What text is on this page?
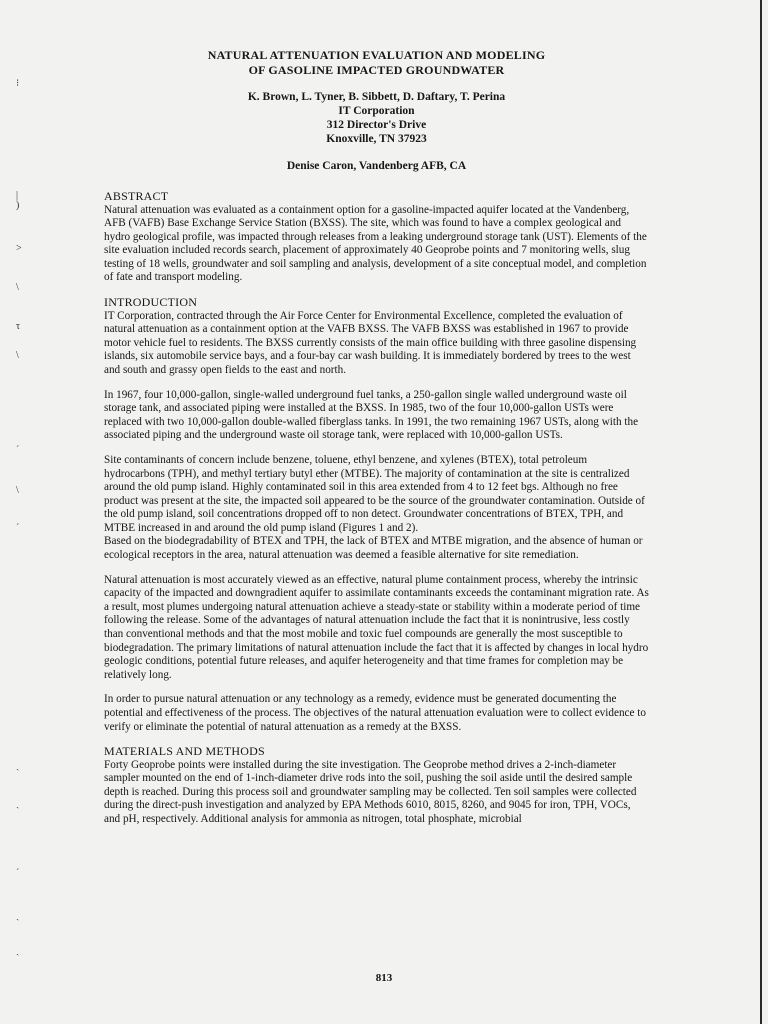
⁝
|
)
>
\
τ
\
ˊ
\
ˊ
ˎ
ˎ
ˊ
ˎ
ˎ
NATURAL ATTENUATION EVALUATION AND MODELING
OF GASOLINE IMPACTED GROUNDWATER
K. Brown, L. Tyner, B. Sibbett, D. Daftary, T. Perina
IT Corporation
312 Director's Drive
Knoxville, TN 37923
Denise Caron, Vandenberg AFB, CA
ABSTRACT

Natural attenuation was evaluated as a containment option for a gasoline-impacted aquifer located at the Vandenberg, AFB (VAFB) Base Exchange Service Station (BXSS). The site, which was found to have a complex geological and hydro geological profile, was impacted through releases from a leaking underground storage tank (UST). Elements of the site evaluation included records search, placement of approximately 40 Geoprobe points and 7 monitoring wells, slug testing of 18 wells, groundwater and soil sampling and analysis, development of a site conceptual model, and completion of fate and transport modeling.

INTRODUCTION

IT Corporation, contracted through the Air Force Center for Environmental Excellence, completed the evaluation of natural attenuation as a containment option at the VAFB BXSS. The VAFB BXSS was established in 1967 to provide motor vehicle fuel to residents. The BXSS currently consists of the main office building with three gasoline dispensing islands, six automobile service bays, and a four-bay car wash building. It is immediately bordered by trees to the west and south and grassy open fields to the east and north.

In 1967, four 10,000-gallon, single-walled underground fuel tanks, a 250-gallon single walled underground waste oil storage tank, and associated piping were installed at the BXSS. In 1985, two of the four 10,000-gallon USTs were replaced with two 10,000-gallon double-walled fiberglass tanks. In 1991, the two remaining 1967 USTs, along with the associated piping and the underground waste oil storage tank, were replaced with 10,000-gallon USTs.

Site contaminants of concern include benzene, toluene, ethyl benzene, and xylenes (BTEX), total petroleum hydrocarbons (TPH), and methyl tertiary butyl ether (MTBE). The majority of contamination at the site is centralized around the old pump island. Highly contaminated soil in this area extended from 4 to 12 feet bgs. Although no free product was present at the site, the impacted soil appeared to be the source of the groundwater contamination. Outside of the old pump island, soil concentrations dropped off to non detect. Groundwater concentrations of BTEX, TPH, and MTBE increased in and around the old pump island (Figures 1 and 2).

Based on the biodegradability of BTEX and TPH, the lack of BTEX and MTBE migration, and the absence of human or ecological receptors in the area, natural attenuation was deemed a feasible alternative for site remediation.

Natural attenuation is most accurately viewed as an effective, natural plume containment process, whereby the intrinsic capacity of the impacted and downgradient aquifer to assimilate contaminants exceeds the contaminant migration rate. As a result, most plumes undergoing natural attenuation achieve a steady-state or stability within a moderate period of time following the release. Some of the advantages of natural attenuation include the fact that it is nonintrusive, less costly than conventional methods and that the most mobile and toxic fuel compounds are generally the most susceptible to biodegradation. The primary limitations of natural attenuation include the fact that it is affected by changes in local hydro geologic conditions, potential future releases, and aquifer heterogeneity and that time frames for completion may be relatively long.

In order to pursue natural attenuation or any technology as a remedy, evidence must be generated documenting the potential and effectiveness of the process. The objectives of the natural attenuation evaluation were to collect evidence to verify or eliminate the potential of natural attenuation as a remedy at the BXSS.

MATERIALS AND METHODS

Forty Geoprobe points were installed during the site investigation. The Geoprobe method drives a 2-inch-diameter sampler mounted on the end of 1-inch-diameter drive rods into the soil, pushing the soil aside until the desired sample depth is reached. During this process soil and groundwater sampling may be collected. Ten soil samples were collected during the direct-push investigation and analyzed by EPA Methods 6010, 8015, 8260, and 9045 for iron, TPH, VOCs, and pH, respectively. Additional analysis for ammonia as nitrogen, total phosphate, microbial

813
